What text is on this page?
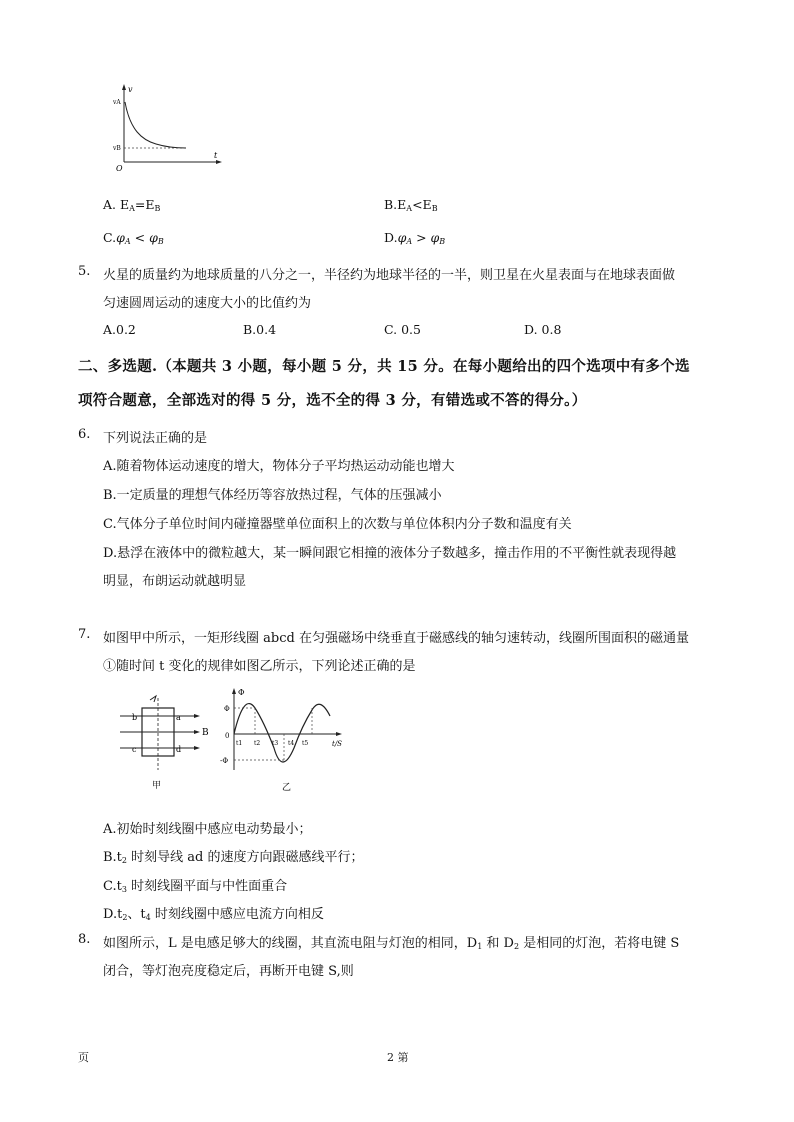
v
t
O
vA
vB
A. $E_A=E_B$	$B.E_A<E_B$
$C.\varphi_A < \varphi_B$	$D.\varphi_A > \varphi_B$
5. 火星的质量约为地球质量的八分之一，半径约为地球半径的一半，则卫星在火星表面与在地球表面做
匀速圆周运动的速度大小的比值约为
A.0.2	B.0.4	C. 0.5	D. 0.8
二、多选题.（本题共 3 小题，每小题 5 分，共 15 分。在每小题给出的四个选项中有多个选
项符合题意，全部选对的得 5 分，选不全的得 3 分，有错选或不答的得分。）
6. 下列说法正确的是
A.随着物体运动速度的增大，物体分子平均热运动动能也增大
B.一定质量的理想气体经历等容放热过程，气体的压强减小
C.气体分子单位时间内碰撞器壁单位面积上的次数与单位体积内分子数和温度有关
D.悬浮在液体中的微粒越大，某一瞬间跟它相撞的液体分子数越多，撞击作用的不平衡性就表现得越
明显，布朗运动就越明显
7. 如图甲中所示，一矩形线圈 abcd 在匀强磁场中绕垂直于磁感线的轴匀速转动，线圈所围面积的磁通量
①随时间 t 变化的规律如图乙所示，下列论述正确的是
b	a
c	d
B
甲
Φ
Φ
0
-Φ
t1 t2 t3 t4 t5	t/S
乙
A.初始时刻线圈中感应电动势最小；
$B.t_2$ 时刻导线 ad 的速度方向跟磁感线平行；
$C.t_3$ 时刻线圈平面与中性面重合
$D.t_2$、$t_4$ 时刻线圈中感应电流方向相反
8. 如图所示，L 是电感足够大的线圈，其直流电阻与灯泡的相同，$D_1$ 和 $D_2$ 是相同的灯泡，若将电键 S
闭合，等灯泡亮度稳定后，再断开电键 S,则
页	2 第
